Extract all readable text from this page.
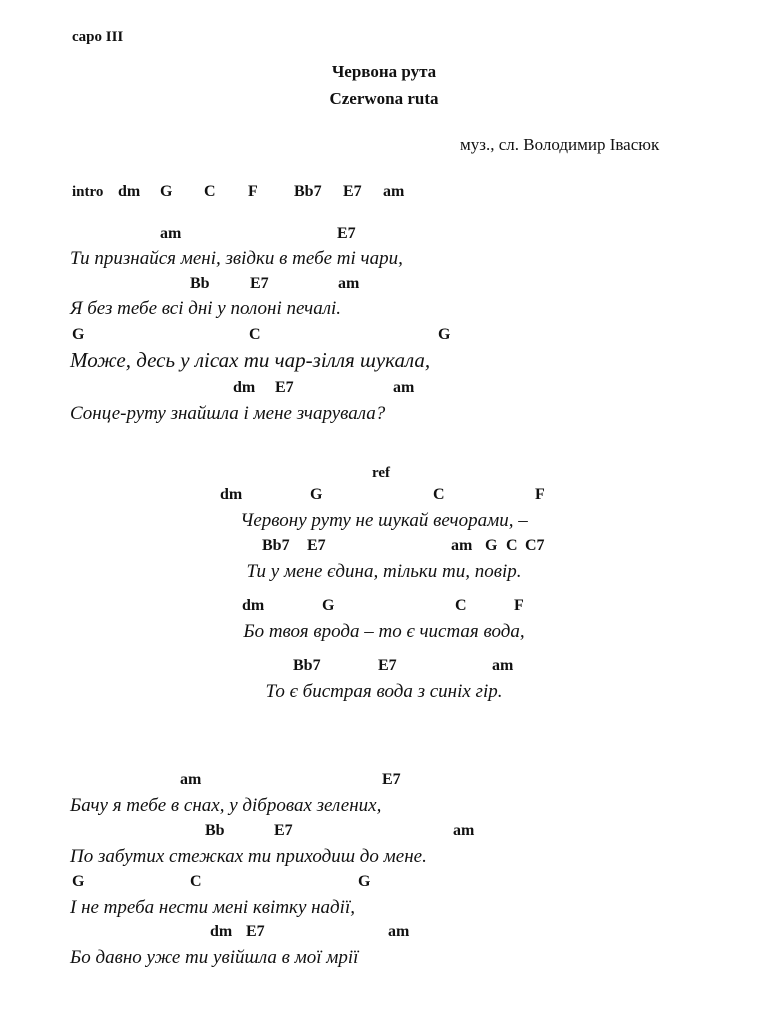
capo III
Червона рута
Czerwona ruta
муз., сл. Володимир Івасюк
intro dm G C F Bb7 E7 am
am	E7
Ти признайся мені, звідки в тебе ті чари,
Bb	E7	am
Я без тебе всі дні у полоні печалі.
G	C	G
Може, десь у лісах ти чар-зілля шукала,
dm E7	am
Сонце-руту знайшла і мене зчарувала?
ref
dm	G	C	F
Червону руту не шукай вечорами, –
Bb7 E7	am G C C7
Ти у мене єдина, тільки ти, повір.
dm	G	C	F
Бо твоя врода – то є чистая вода,
Bb7	E7	am
То є бистрая вода з синіх гір.
am	E7
Бачу я тебе в снах, у дібровах зелених,
Bb	E7	am
По забутих стежках ти приходиш до мене.
G	C	G
І не треба нести мені квітку надії,
dm E7	am
Бо давно уже ти увійшла в мої мрії
